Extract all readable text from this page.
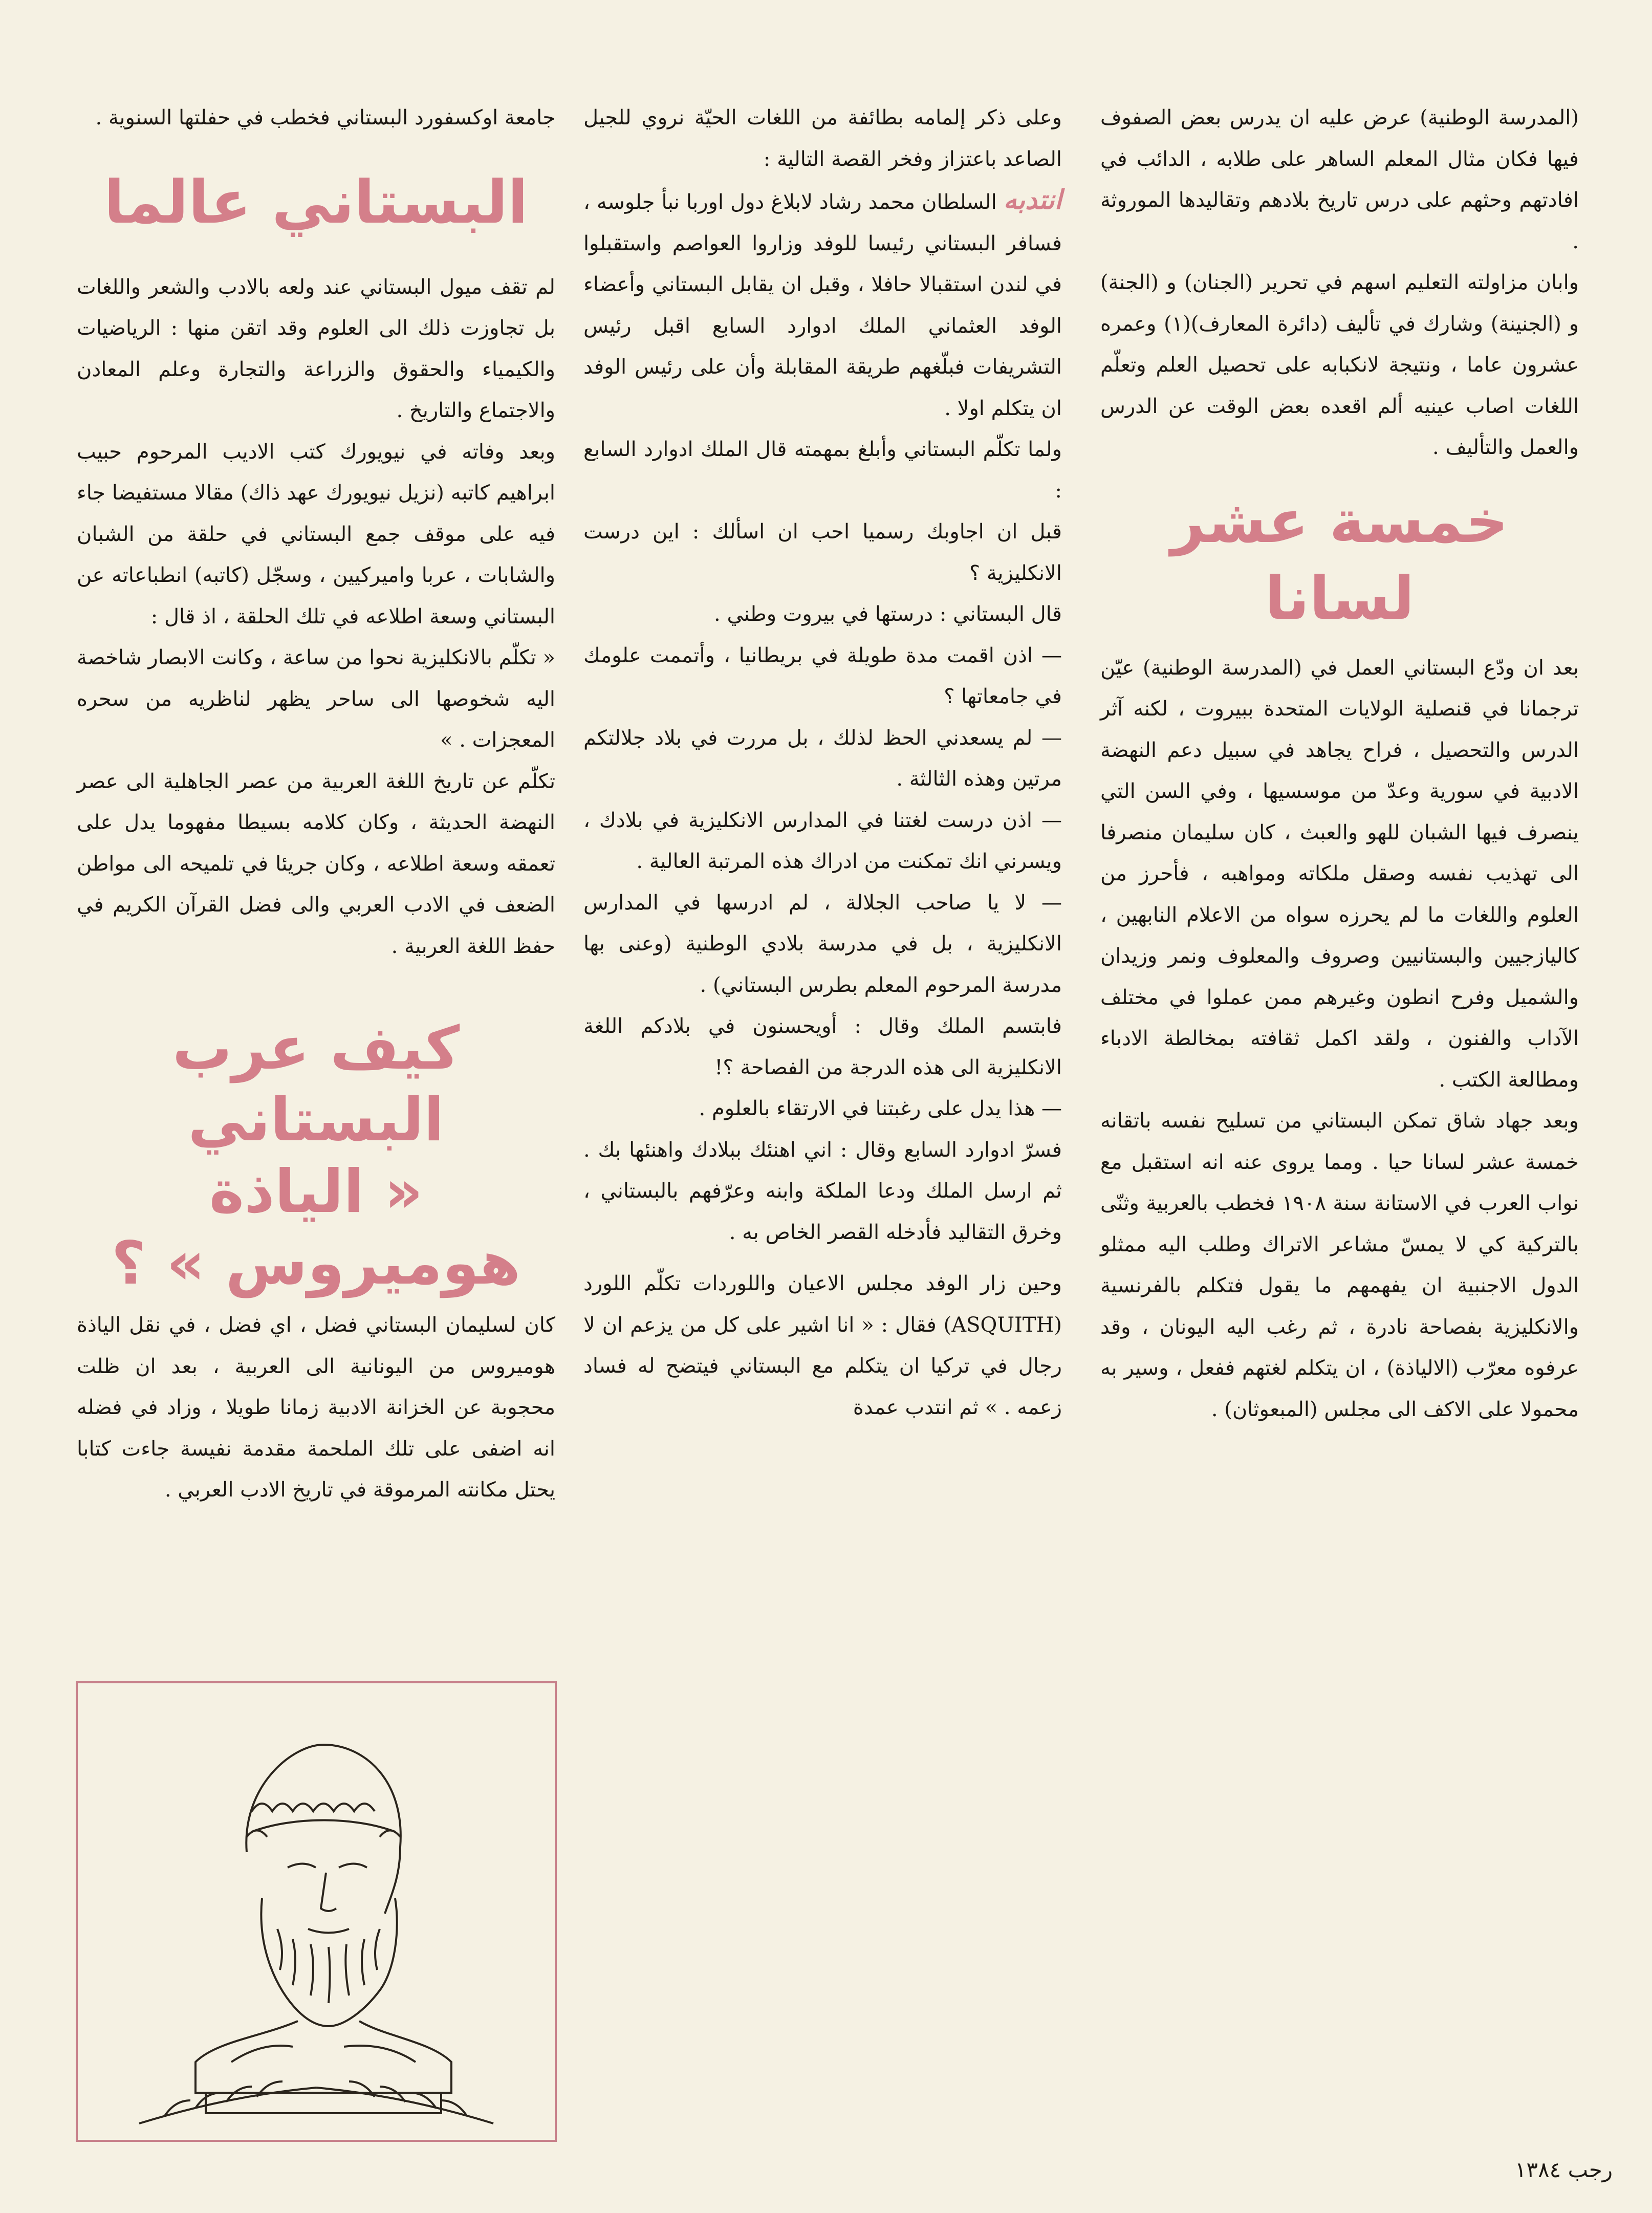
(المدرسة الوطنية) عرض عليه ان يدرس بعض الصفوف فيها فكان مثال المعلم الساهر على طلابه ، الدائب في افادتهم وحثهم على درس تاريخ بلادهم وتقاليدها الموروثة .

وابان مزاولته التعليم اسهم في تحرير (الجنان) و (الجنة) و (الجنينة) وشارك في تأليف (دائرة المعارف)(١) وعمره عشرون عاما ، ونتيجة لانكبابه على تحصيل العلم وتعلّم اللغات اصاب عينيه ألم اقعده بعض الوقت عن الدرس والعمل والتأليف .

خمسة عشر لسانا

بعد ان ودّع البستاني العمل في (المدرسة الوطنية) عيّن ترجمانا في قنصلية الولايات المتحدة ببيروت ، لكنه آثر الدرس والتحصيل ، فراح يجاهد في سبيل دعم النهضة الادبية في سورية وعدّ من موسسيها ، وفي السن التي ينصرف فيها الشبان للهو والعبث ، كان سليمان منصرفا الى تهذيب نفسه وصقل ملكاته ومواهبه ، فأحرز من العلوم واللغات ما لم يحرزه سواه من الاعلام النابهين ، كاليازجيين والبستانيين وصروف والمعلوف ونمر وزيدان والشميل وفرح انطون وغيرهم ممن عملوا في مختلف الآداب والفنون ، ولقد اكمل ثقافته بمخالطة الادباء ومطالعة الكتب .

وبعد جهاد شاق تمكن البستاني من تسليح نفسه باتقانه خمسة عشر لسانا حيا . ومما يروى عنه انه استقبل مع نواب العرب في الاستانة سنة ١٩٠٨ فخطب بالعربية وثنّى بالتركية كي لا يمسّ مشاعر الاتراك وطلب اليه ممثلو الدول الاجنبية ان يفهمهم ما يقول فتكلم بالفرنسية والانكليزية بفصاحة نادرة ، ثم رغب اليه اليونان ، وقد عرفوه معرّب (الالياذة) ، ان يتكلم لغتهم ففعل ، وسير به محمولا على الاكف الى مجلس (المبعوثان) .

وعلى ذكر إلمامه بطائفة من اللغات الحيّة نروي للجيل الصاعد باعتزاز وفخر القصة التالية :

انتدبه السلطان محمد رشاد لابلاغ دول اوربا نبأ جلوسه ، فسافر البستاني رئيسا للوفد وزاروا العواصم واستقبلوا في لندن استقبالا حافلا ، وقبل ان يقابل البستاني وأعضاء الوفد العثماني الملك ادوارد السابع اقبل رئيس التشريفات فبلّغهم طريقة المقابلة وأن على رئيس الوفد ان يتكلم اولا .

ولما تكلّم البستاني وأبلغ بمهمته قال الملك ادوارد السابع :

قبل ان اجاوبك رسميا احب ان اسألك : اين درست الانكليزية ؟

قال البستاني : درستها في بيروت وطني .

— اذن اقمت مدة طويلة في بريطانيا ، وأتممت علومك في جامعاتها ؟

— لم يسعدني الحظ لذلك ، بل مررت في بلاد جلالتكم مرتين وهذه الثالثة .

— اذن درست لغتنا في المدارس الانكليزية في بلادك ، ويسرني انك تمكنت من ادراك هذه المرتبة العالية .

— لا يا صاحب الجلالة ، لم ادرسها في المدارس الانكليزية ، بل في مدرسة بلادي الوطنية (وعنى بها مدرسة المرحوم المعلم بطرس البستاني) .

فابتسم الملك وقال : أويحسنون في بلادكم اللغة الانكليزية الى هذه الدرجة من الفصاحة ؟!

— هذا يدل على رغبتنا في الارتقاء بالعلوم .

فسرّ ادوارد السابع وقال : اني اهنئك ببلادك واهنئها بك . ثم ارسل الملك ودعا الملكة وابنه وعرّفهم بالبستاني ، وخرق التقاليد فأدخله القصر الخاص به .

وحين زار الوفد مجلس الاعيان واللوردات تكلّم اللورد (ASQUITH) فقال : « انا اشير على كل من يزعم ان لا رجال في تركيا ان يتكلم مع البستاني فيتضح له فساد زعمه . » ثم انتدب عمدة

جامعة اوكسفورد البستاني فخطب في حفلتها السنوية .

البستاني عالما

لم تقف ميول البستاني عند ولعه بالادب والشعر واللغات بل تجاوزت ذلك الى العلوم وقد اتقن منها : الرياضيات والكيمياء والحقوق والزراعة والتجارة وعلم المعادن والاجتماع والتاريخ .

وبعد وفاته في نيويورك كتب الاديب المرحوم حبيب ابراهيم كاتبه (نزيل نيويورك عهد ذاك) مقالا مستفيضا جاء فيه على موقف جمع البستاني في حلقة من الشبان والشابات ، عربا واميركيين ، وسجّل (كاتبه) انطباعاته عن البستاني وسعة اطلاعه في تلك الحلقة ، اذ قال :

« تكلّم بالانكليزية نحوا من ساعة ، وكانت الابصار شاخصة اليه شخوصها الى ساحر يظهر لناظريه من سحره المعجزات . »

تكلّم عن تاريخ اللغة العربية من عصر الجاهلية الى عصر النهضة الحديثة ، وكان كلامه بسيطا مفهوما يدل على تعمقه وسعة اطلاعه ، وكان جريئا في تلميحه الى مواطن الضعف في الادب العربي والى فضل القرآن الكريم في حفظ اللغة العربية .

كيف عرب البستاني
« الياذة هوميروس » ؟

كان لسليمان البستاني فضل ، اي فضل ، في نقل الياذة هوميروس من اليونانية الى العربية ، بعد ان ظلت محجوبة عن الخزانة الادبية زمانا طويلا ، وزاد في فضله انه اضفى على تلك الملحمة مقدمة نفيسة جاءت كتابا يحتل مكانته المرموقة في تاريخ الادب العربي .

رجب ١٣٨٤
